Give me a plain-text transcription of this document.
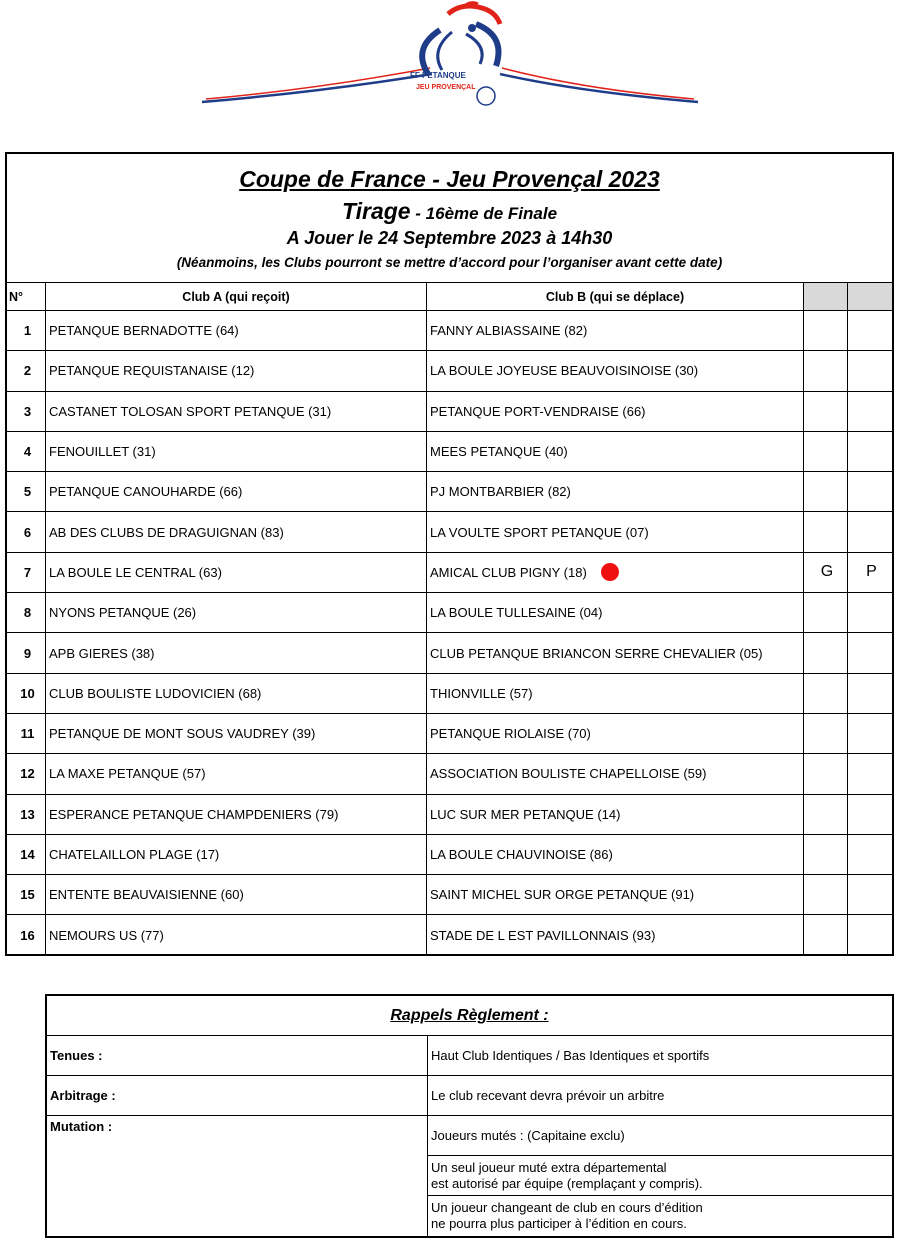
FF PETANQUE
JEU PROVENÇAL
Coupe de France - Jeu Provençal 2023
Tirage - 16ème de Finale
A Jouer le 24 Septembre 2023 à 14h30
(Néanmoins, les Clubs pourront se mettre d’accord pour l’organiser avant cette date)
N°	Club A (qui reçoit)	Club B (qui se déplace)
1	PETANQUE BERNADOTTE (64)	FANNY ALBIASSAINE (82)
2	PETANQUE REQUISTANAISE (12)	LA BOULE JOYEUSE BEAUVOISINOISE (30)
3	CASTANET TOLOSAN SPORT PETANQUE (31)	PETANQUE PORT-VENDRAISE (66)
4	FENOUILLET (31)	MEES PETANQUE (40)
5	PETANQUE CANOUHARDE (66)	PJ MONTBARBIER (82)
6	AB DES CLUBS DE DRAGUIGNAN (83)	LA VOULTE SPORT PETANQUE (07)
7	LA BOULE LE CENTRAL (63)	AMICAL CLUB PIGNY (18)	G	P
8	NYONS PETANQUE (26)	LA BOULE TULLESAINE (04)
9	APB GIERES (38)	CLUB PETANQUE BRIANCON SERRE CHEVALIER (05)
10	CLUB BOULISTE LUDOVICIEN (68)	THIONVILLE (57)
11	PETANQUE DE MONT SOUS VAUDREY (39)	PETANQUE RIOLAISE (70)
12	LA MAXE PETANQUE (57)	ASSOCIATION BOULISTE CHAPELLOISE (59)
13	ESPERANCE PETANQUE CHAMPDENIERS (79)	LUC SUR MER PETANQUE (14)
14	CHATELAILLON PLAGE (17)	LA BOULE CHAUVINOISE (86)
15	ENTENTE BEAUVAISIENNE (60)	SAINT MICHEL SUR ORGE PETANQUE (91)
16	NEMOURS US (77)	STADE DE L EST PAVILLONNAIS (93)
Rappels Règlement :
Tenues :	Haut Club Identiques / Bas Identiques et sportifs
Arbitrage :	Le club recevant devra prévoir un arbitre
Mutation :
Joueurs mutés : (Capitaine exclu)
Un seul joueur muté extra départemental
est autorisé par équipe (remplaçant y compris).
Un joueur changeant de club en cours d’édition
ne pourra plus participer à l’édition en cours.
